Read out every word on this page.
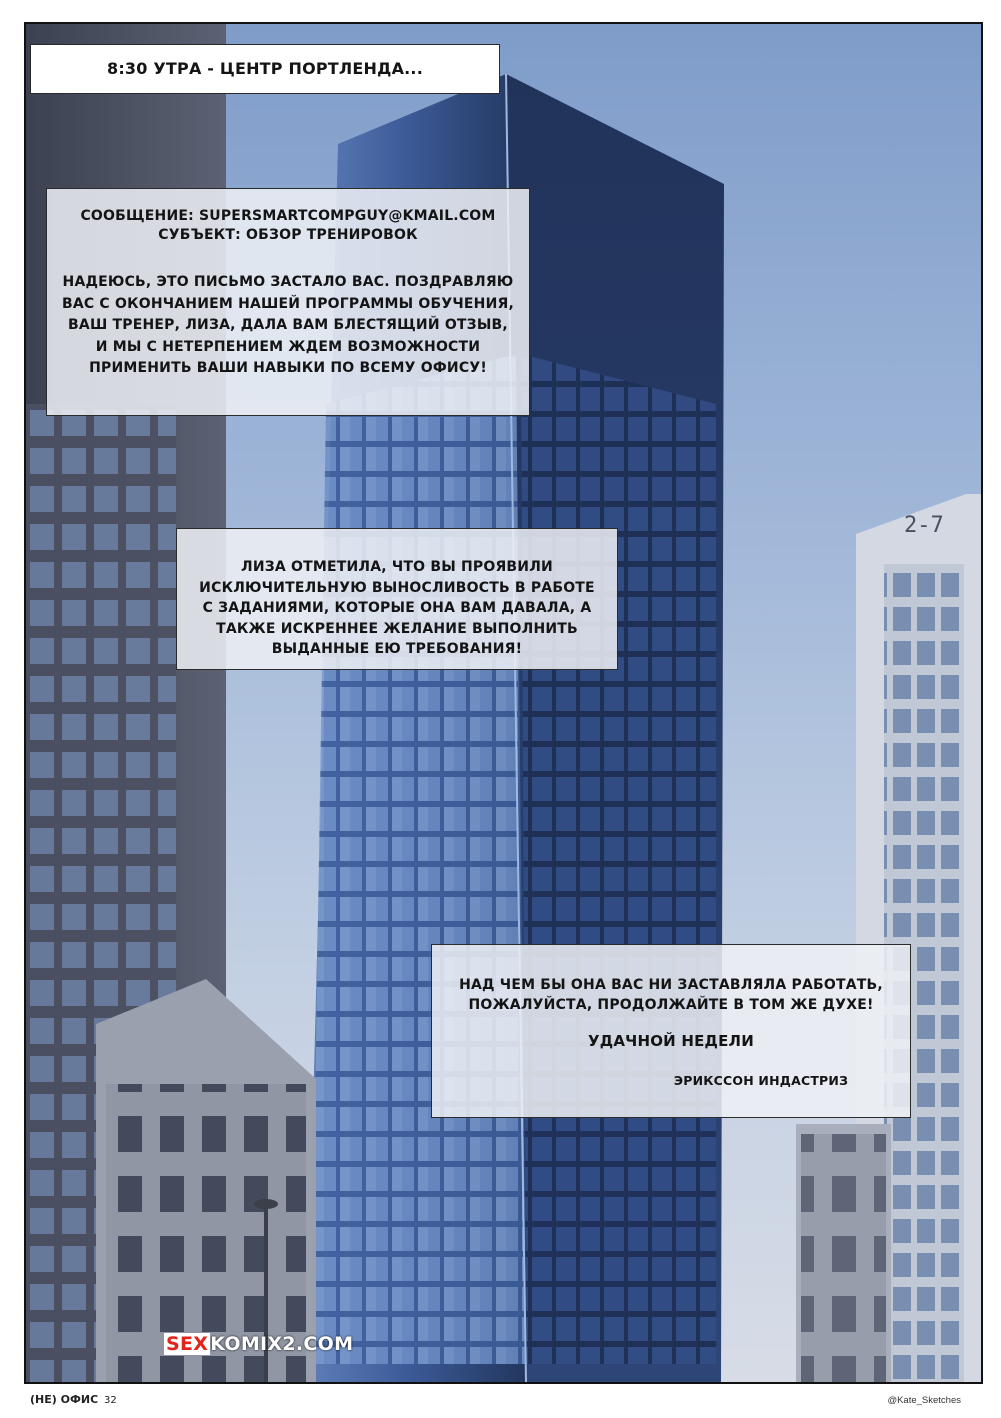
2-7
8:30 УТРА - ЦЕНТР ПОРТЛЕНДА...

СООБЩЕНИЕ: SUPERSMARTCOMPGUY@KMAIL.COM

СУБЪЕКТ: ОБЗОР ТРЕНИРОВОК

НАДЕЮСЬ, ЭТО ПИСЬМО ЗАСТАЛО ВАС. ПОЗДРАВЛЯЮ

ВАС С ОКОНЧАНИЕМ НАШЕЙ ПРОГРАММЫ ОБУЧЕНИЯ,

ВАШ ТРЕНЕР, ЛИЗА, ДАЛА ВАМ БЛЕСТЯЩИЙ ОТЗЫВ,

И МЫ С НЕТЕРПЕНИЕМ ЖДЕМ ВОЗМОЖНОСТИ

ПРИМЕНИТЬ ВАШИ НАВЫКИ ПО ВСЕМУ ОФИСУ!

ЛИЗА ОТМЕТИЛА, ЧТО ВЫ ПРОЯВИЛИ

ИСКЛЮЧИТЕЛЬНУЮ ВЫНОСЛИВОСТЬ В РАБОТЕ

С ЗАДАНИЯМИ, КОТОРЫЕ ОНА ВАМ ДАВАЛА, А

ТАКЖЕ ИСКРЕННЕЕ ЖЕЛАНИЕ ВЫПОЛНИТЬ

ВЫДАННЫЕ ЕЮ ТРЕБОВАНИЯ!

НАД ЧЕМ БЫ ОНА ВАС НИ ЗАСТАВЛЯЛА РАБОТАТЬ,

ПОЖАЛУЙСТА, ПРОДОЛЖАЙТЕ В ТОМ ЖЕ ДУХЕ!

УДАЧНОЙ НЕДЕЛИ

ЭРИКССОН ИНДАСТРИЗ

SEX KOMIX2.COM
(НЕ) ОФИС 32	@Kate_Sketches
